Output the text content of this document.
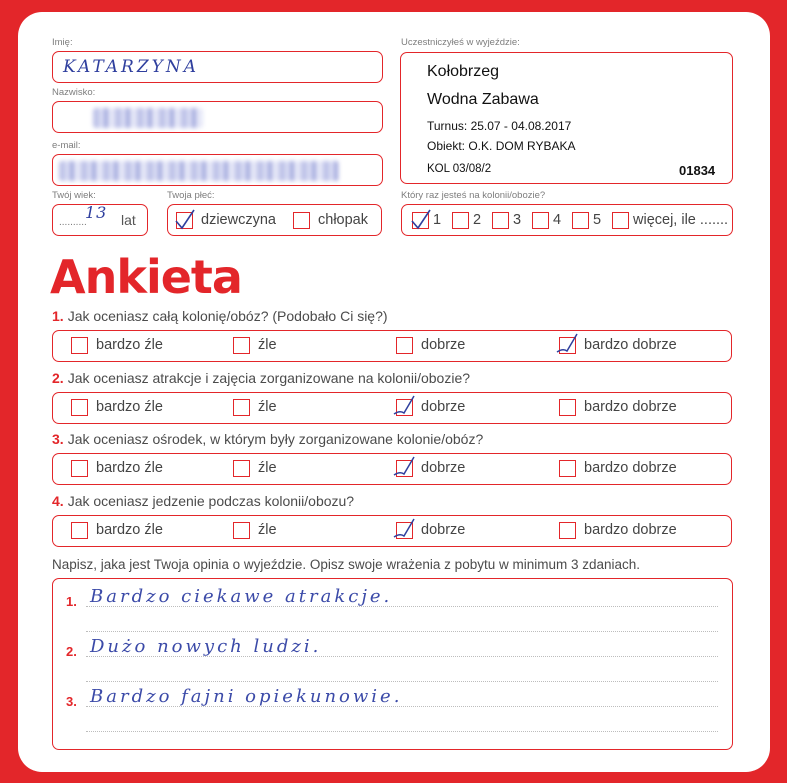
Imię:
KATARZYNA
Nazwisko:
e-mail:
Twój wiek:
..........
13 lat
Twoja płeć:
dziewczyna	chłopak
Uczestniczyłeś w wyjeździe:
Kołobrzeg
Wodna Zabawa
Turnus: 25.07 - 04.08.2017
Obiekt: O.K. DOM RYBAKA
KOL 03/08/2	01834
Który raz jesteś na kolonii/obozie?
1 2 3 4 5 więcej, ile .......
Ankieta
1. Jak oceniasz całą kolonię/obóz? (Podobało Ci się?)
bardzo źle	źle	dobrze	bardzo dobrze
2. Jak oceniasz atrakcje i zajęcia zorganizowane na kolonii/obozie?
bardzo źle	źle	dobrze	bardzo dobrze
3. Jak oceniasz ośrodek, w którym były zorganizowane kolonie/obóz?
bardzo źle	źle	dobrze	bardzo dobrze
4. Jak oceniasz jedzenie podczas kolonii/obozu?
bardzo źle	źle	dobrze	bardzo dobrze
Napisz, jaka jest Twoja opinia o wyjeździe. Opisz swoje wrażenia z pobytu w minimum 3 zdaniach.
1. Bardzo ciekawe atrakcje.
2. Dużo nowych ludzi.
3. Bardzo fajni opiekunowie.
